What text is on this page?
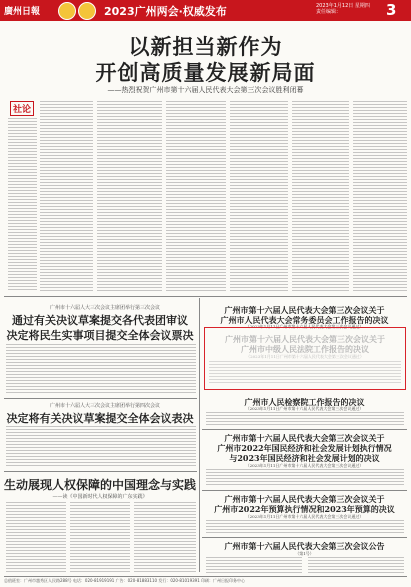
廣州日報	2023广州两会·权威发布	2023年1月12日 星期四
责任编辑：	3
以新担当新作为
开创高质量发展新局面
——热烈祝贺广州市第十六届人民代表大会第三次会议胜利闭幕
社论
广州市十六届人大三次会议主席团举行第三次会议
通过有关决议草案提交各代表团审议
决定将民生实事项目提交全体会议票决
广州市十六届人大三次会议主席团举行第四次会议
决定将有关决议草案提交全体会议表决
生动展现人权保障的中国理念与实践
——读《中国新时代人权保障的广东实践》
广州市第十六届人民代表大会第三次会议关于
广州市人民代表大会常务委员会工作报告的决议
（2023年1月11日广州市第十六届人民代表大会第三次会议通过）
广州市第十六届人民代表大会第三次会议关于
广州市中级人民法院工作报告的决议
（2023年1月11日广州市第十六届人民代表大会第三次会议通过）
广州市人民检察院工作报告的决议
（2023年1月11日广州市第十六届人民代表大会第三次会议通过）
广州市第十六届人民代表大会第三次会议关于
广州市2022年国民经济和社会发展计划执行情况
与2023年国民经济和社会发展计划的决议
（2023年1月11日广州市第十六届人民代表大会第三次会议通过）
广州市第十六届人民代表大会第三次会议关于
广州市2022年预算执行情况和2023年预算的决议
（2023年1月11日广州市第十六届人民代表大会第三次会议通过）
广州市第十六届人民代表大会第三次会议公告
（第1号）
总值班室：广州市越秀区人民路288号 电话：020-81919191 广告：020-81883110 发行：020-81019391 印刷：广州日报印务中心
